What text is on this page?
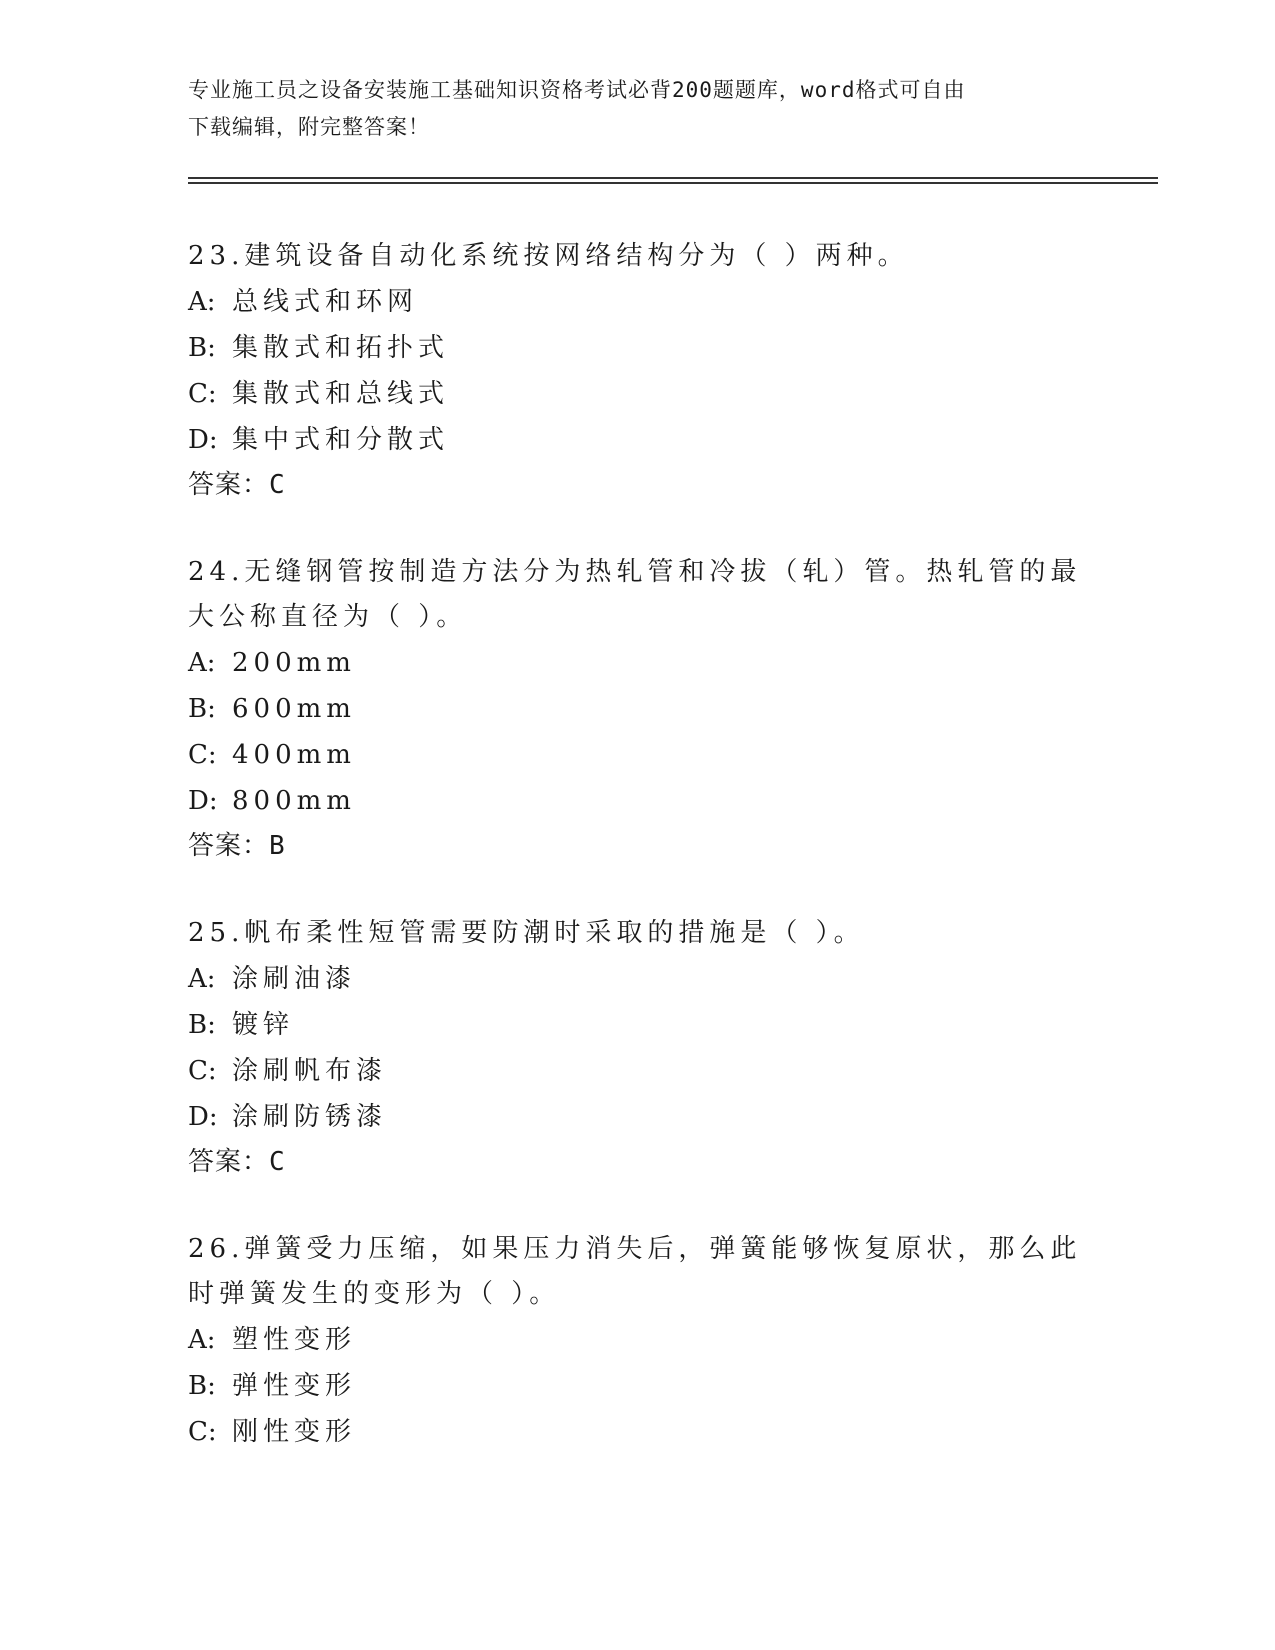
专业施工员之设备安装施工基础知识资格考试必背200题题库，word格式可自由
下载编辑，附完整答案！
23.建筑设备自动化系统按网络结构分为（ ）两种。
A: 总线式和环网
B: 集散式和拓扑式
C: 集散式和总线式
D: 集中式和分散式
答案：C
24.无缝钢管按制造方法分为热轧管和冷拔（轧）管。热轧管的最大公称直径为（ ）。
A: 200mm
B: 600mm
C: 400mm
D: 800mm
答案：B
25.帆布柔性短管需要防潮时采取的措施是（ ）。
A: 涂刷油漆
B: 镀锌
C: 涂刷帆布漆
D: 涂刷防锈漆
答案：C
26.弹簧受力压缩，如果压力消失后，弹簧能够恢复原状，那么此时弹簧发生的变形为（ ）。
A: 塑性变形
B: 弹性变形
C: 刚性变形
